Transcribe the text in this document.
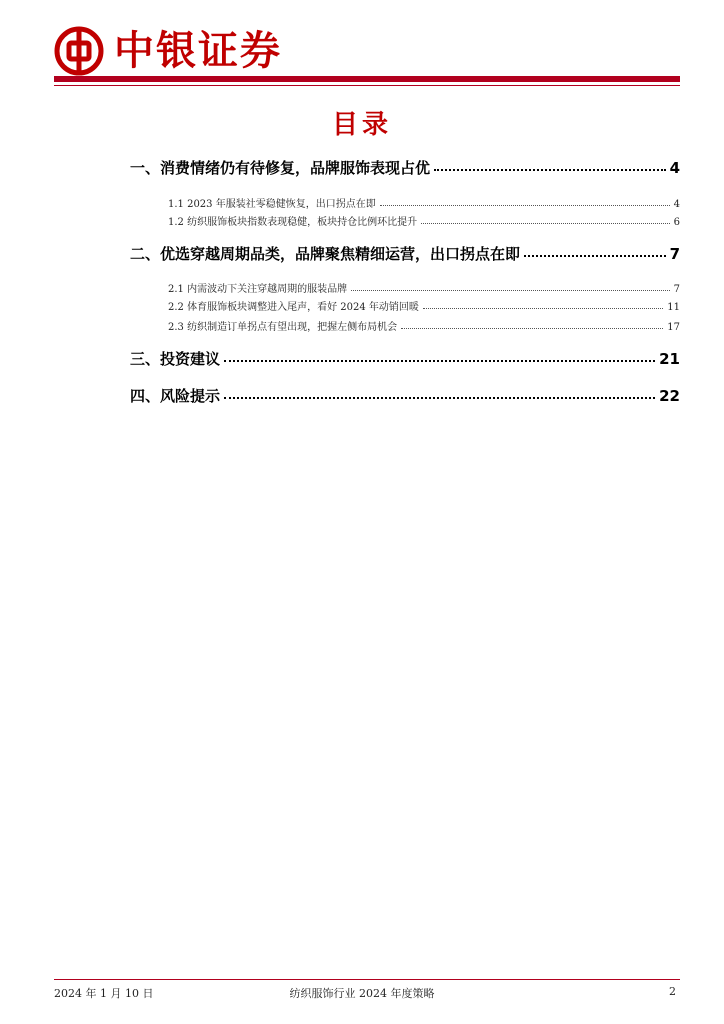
中银证券
目录
一、消费情绪仍有待修复，品牌服饰表现占优	4
1.1 2023 年服装社零稳健恢复，出口拐点在即	4
1.2 纺织服饰板块指数表现稳健，板块持仓比例环比提升	6
二、优选穿越周期品类，品牌聚焦精细运营，出口拐点在即	7
2.1 内需波动下关注穿越周期的服装品牌	7
2.2 体育服饰板块调整进入尾声，看好 2024 年动销回暖	11
2.3 纺织制造订单拐点有望出现，把握左侧布局机会	17
三、投资建议	21
四、风险提示	22
2024 年 1 月 10 日	纺织服饰行业 2024 年度策略	2
